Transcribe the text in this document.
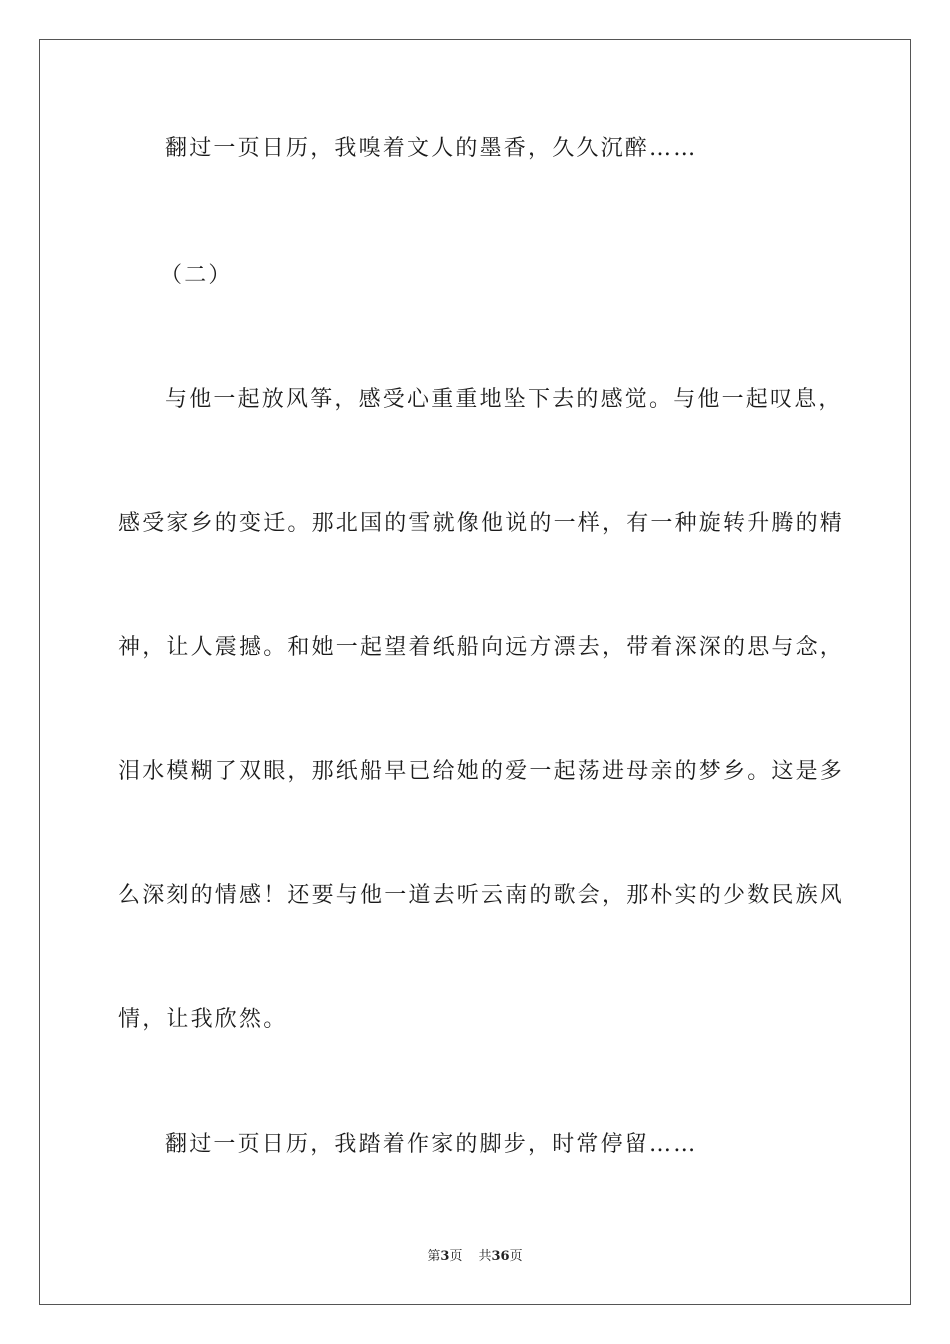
翻过一页日历，我嗅着文人的墨香，久久沉醉……
（二）
与他一起放风筝，感受心重重地坠下去的感觉。与他一起叹息，
感受家乡的变迁。那北国的雪就像他说的一样，有一种旋转升腾的精
神，让人震撼。和她一起望着纸船向远方漂去，带着深深的思与念，
泪水模糊了双眼，那纸船早已给她的爱一起荡进母亲的梦乡。这是多
么深刻的情感！还要与他一道去听云南的歌会，那朴实的少数民族风
情，让我欣然。
翻过一页日历，我踏着作家的脚步，时常停留……
第3页 共36页
